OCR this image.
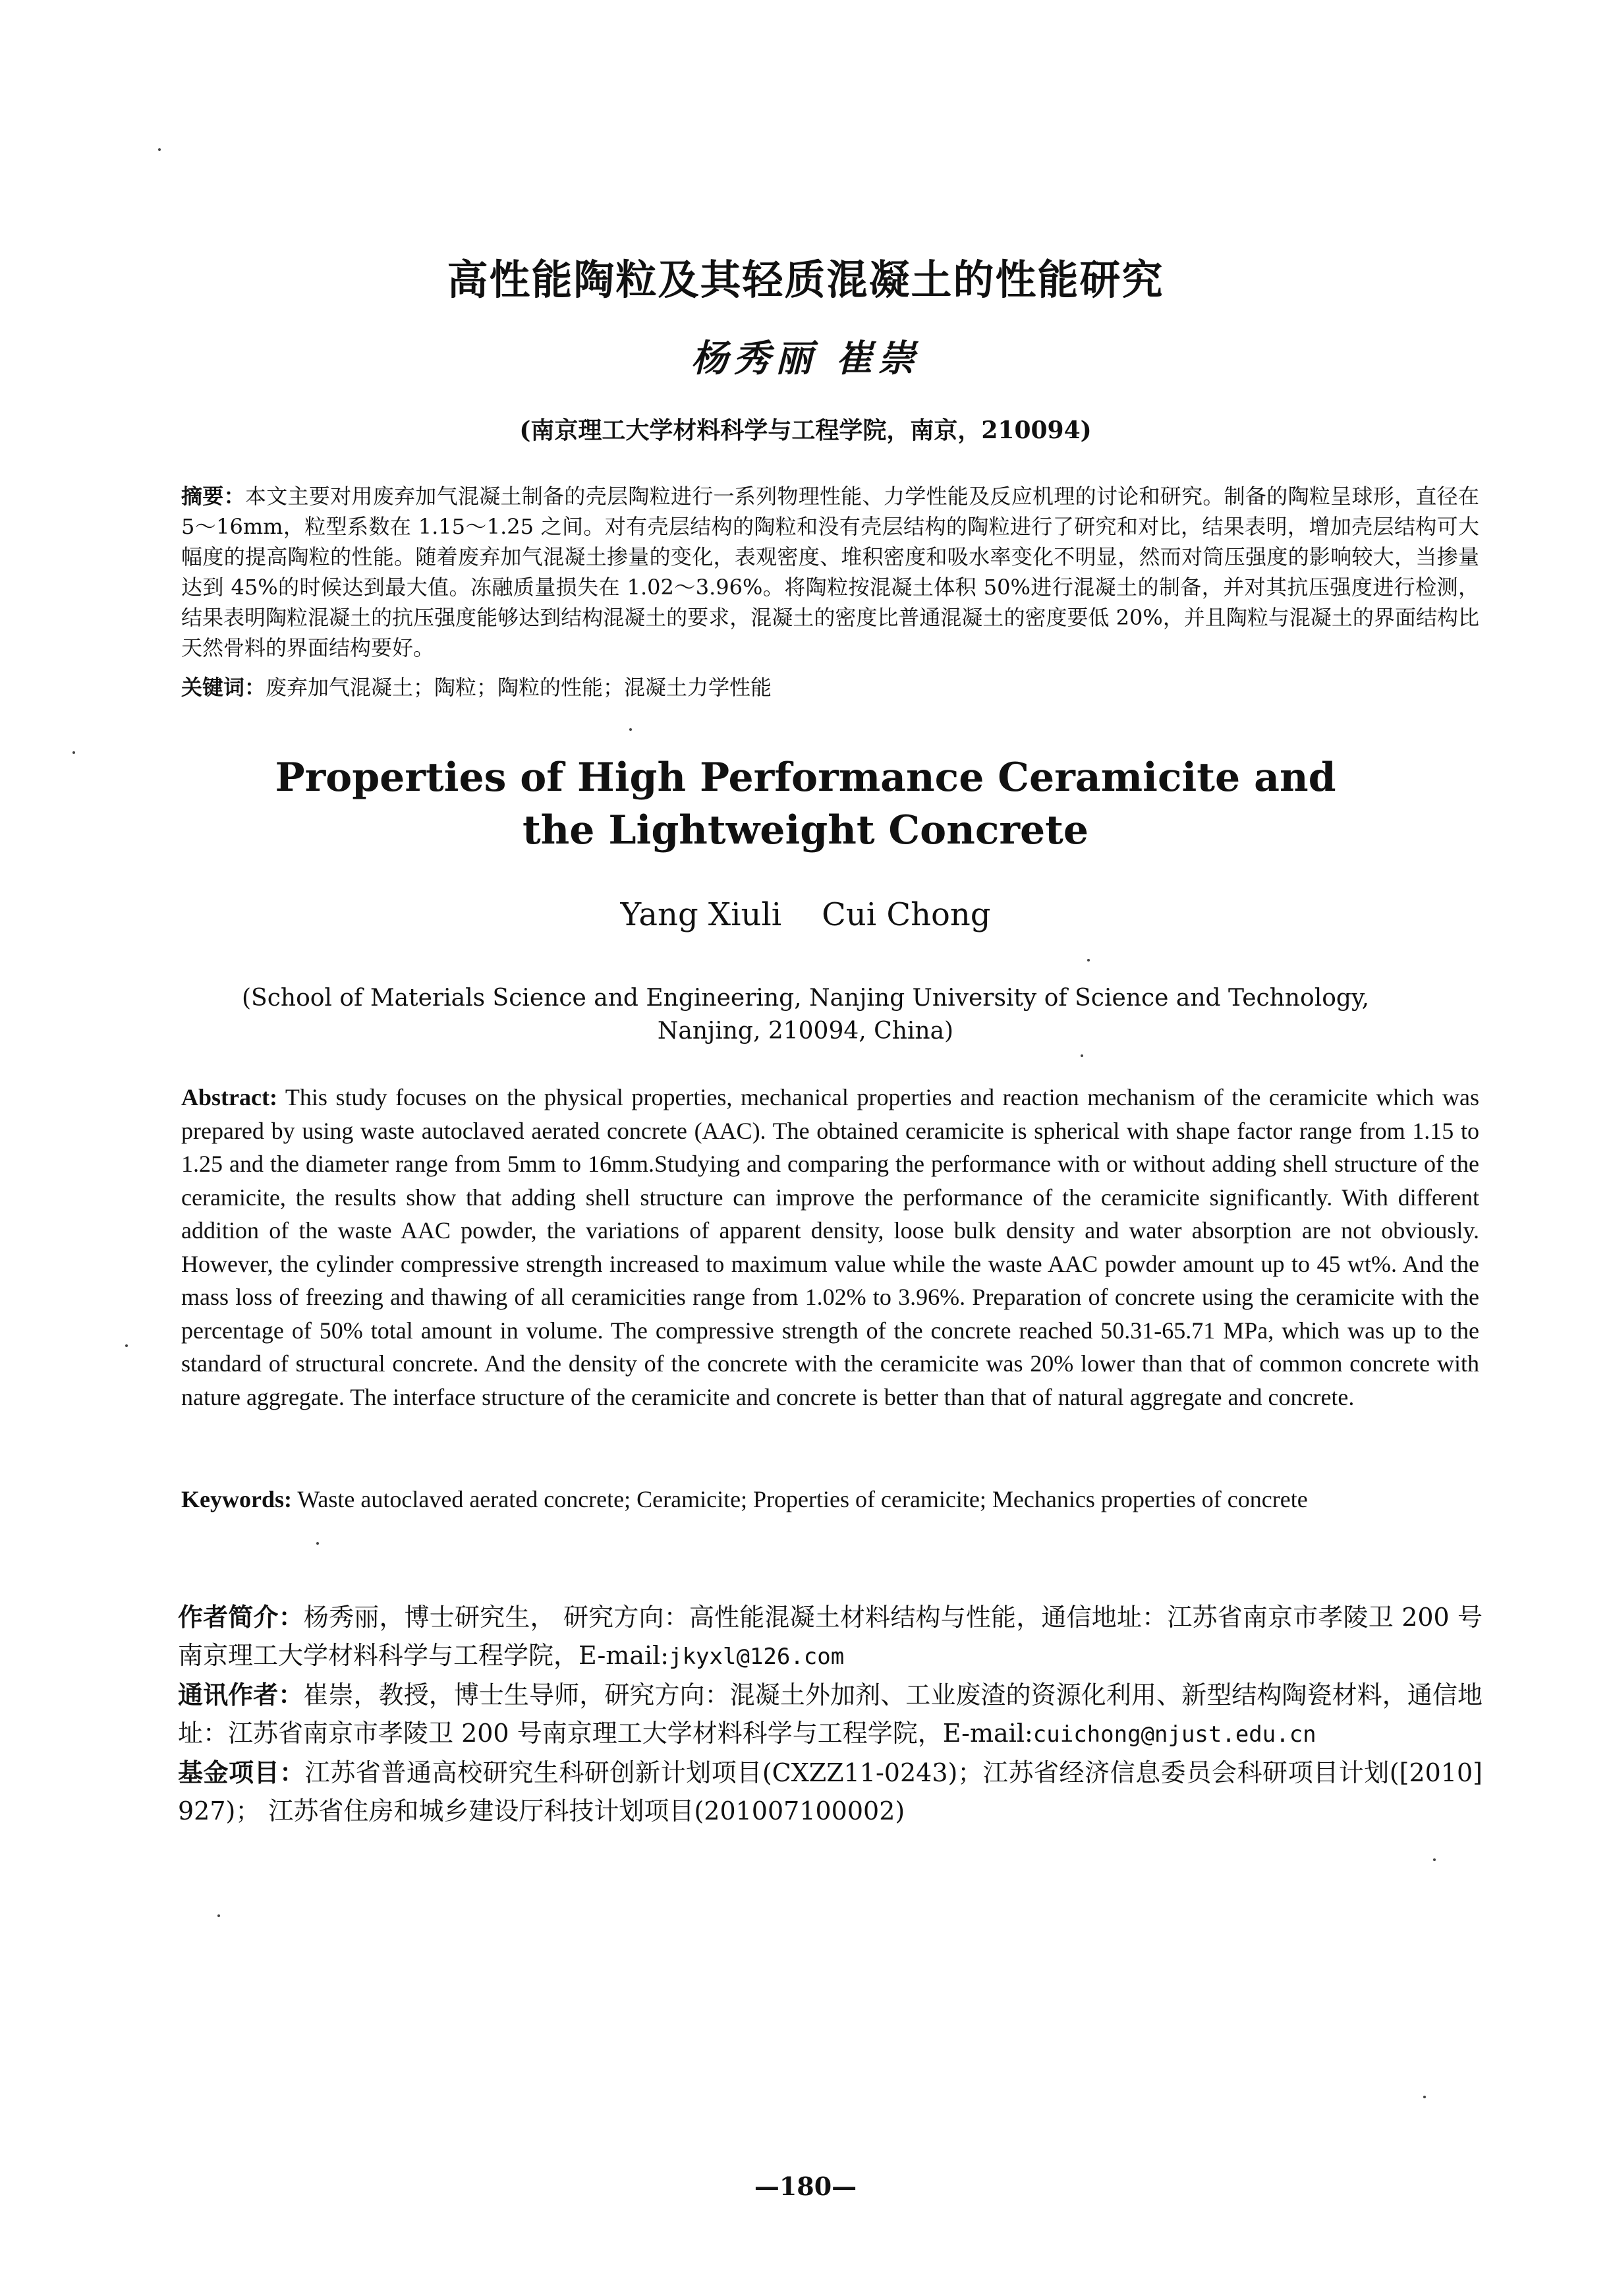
高性能陶粒及其轻质混凝土的性能研究
杨秀丽 崔崇
(南京理工大学材料科学与工程学院，南京，210094)
摘要：本文主要对用废弃加气混凝土制备的壳层陶粒进行一系列物理性能、力学性能及反应机理的讨论和研究。制备的陶粒呈球形，直径在 5～16mm，粒型系数在 1.15～1.25 之间。对有壳层结构的陶粒和没有壳层结构的陶粒进行了研究和对比，结果表明，增加壳层结构可大幅度的提高陶粒的性能。随着废弃加气混凝土掺量的变化，表观密度、堆积密度和吸水率变化不明显，然而对筒压强度的影响较大，当掺量达到 45%的时候达到最大值。冻融质量损失在 1.02～3.96%。将陶粒按混凝土体积 50%进行混凝土的制备，并对其抗压强度进行检测，结果表明陶粒混凝土的抗压强度能够达到结构混凝土的要求，混凝土的密度比普通混凝土的密度要低 20%，并且陶粒与混凝土的界面结构比天然骨料的界面结构要好。
关键词：废弃加气混凝土；陶粒；陶粒的性能；混凝土力学性能
Properties of High Performance Ceramicite and the Lightweight Concrete
Yang Xiuli    Cui Chong
(School of Materials Science and Engineering, Nanjing University of Science and Technology,
Nanjing, 210094, China)
Abstract: This study focuses on the physical properties, mechanical properties and reaction mechanism of the ceramicite which was prepared by using waste autoclaved aerated concrete (AAC). The obtained ceramicite is spherical with shape factor range from 1.15 to 1.25 and the diameter range from 5mm to 16mm.Studying and comparing the performance with or without adding shell structure of the ceramicite, the results show that adding shell structure can improve the performance of the ceramicite significantly. With different addition of the waste AAC powder, the variations of apparent density, loose bulk density and water absorption are not obviously. However, the cylinder compressive strength increased to maximum value while the waste AAC powder amount up to 45 wt%. And the mass loss of freezing and thawing of all ceramicities range from 1.02% to 3.96%. Preparation of concrete using the ceramicite with the percentage of 50% total amount in volume. The compressive strength of the concrete reached 50.31-65.71 MPa, which was up to the standard of structural concrete. And the density of the concrete with the ceramicite was 20% lower than that of common concrete with nature aggregate. The interface structure of the ceramicite and concrete is better than that of natural aggregate and concrete.
Keywords: Waste autoclaved aerated concrete; Ceramicite; Properties of ceramicite; Mechanics properties of concrete

作者简介：杨秀丽，博士研究生， 研究方向：高性能混凝土材料结构与性能，通信地址：江苏省南京市孝陵卫 200 号南京理工大学材料科学与工程学院，E-mail:jkyxl@126.com

通讯作者：崔崇，教授，博士生导师，研究方向：混凝土外加剂、工业废渣的资源化利用、新型结构陶瓷材料，通信地址：江苏省南京市孝陵卫 200 号南京理工大学材料科学与工程学院，E-mail:cuichong@njust.edu.cn

基金项目：江苏省普通高校研究生科研创新计划项目(CXZZ11-0243)；江苏省经济信息委员会科研项目计划([2010] 927)； 江苏省住房和城乡建设厅科技计划项目(201007100002)

—180—
